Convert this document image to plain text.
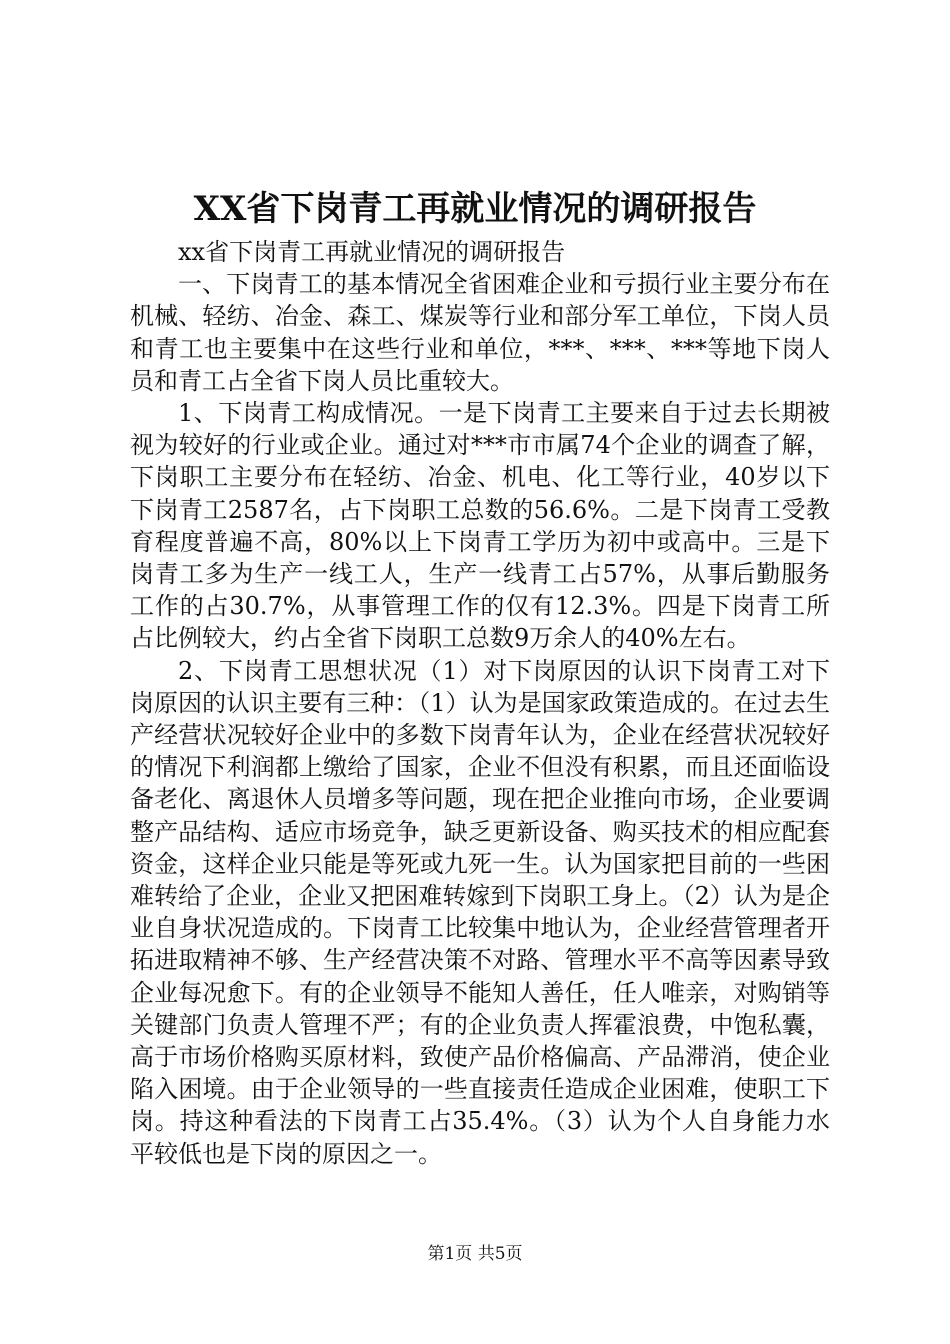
XX省下岗青工再就业情况的调研报告

xx省下岗青工再就业情况的调研报告

一、下岗青工的基本情况全省困难企业和亏损行业主要分布在机械、轻纺、冶金、森工、煤炭等行业和部分军工单位，下岗人员和青工也主要集中在这些行业和单位，***、***、***等地下岗人员和青工占全省下岗人员比重较大。

1、下岗青工构成情况。一是下岗青工主要来自于过去长期被视为较好的行业或企业。通过对***市市属74个企业的调查了解，下岗职工主要分布在轻纺、冶金、机电、化工等行业，40岁以下下岗青工2587名，占下岗职工总数的56.6%。二是下岗青工受教育程度普遍不高，80%以上下岗青工学历为初中或高中。三是下岗青工多为生产一线工人，生产一线青工占57%，从事后勤服务工作的占30.7%，从事管理工作的仅有12.3%。四是下岗青工所占比例较大，约占全省下岗职工总数9万余人的40%左右。

2、下岗青工思想状况（1）对下岗原因的认识下岗青工对下岗原因的认识主要有三种：（1）认为是国家政策造成的。在过去生产经营状况较好企业中的多数下岗青年认为，企业在经营状况较好的情况下利润都上缴给了国家，企业不但没有积累，而且还面临设备老化、离退休人员增多等问题，现在把企业推向市场，企业要调整产品结构、适应市场竞争，缺乏更新设备、购买技术的相应配套资金，这样企业只能是等死或九死一生。认为国家把目前的一些困难转给了企业，企业又把困难转嫁到下岗职工身上。（2）认为是企业自身状况造成的。下岗青工比较集中地认为，企业经营管理者开拓进取精神不够、生产经营决策不对路、管理水平不高等因素导致企业每况愈下。有的企业领导不能知人善任，任人唯亲，对购销等关键部门负责人管理不严；有的企业负责人挥霍浪费，中饱私囊，高于市场价格购买原材料，致使产品价格偏高、产品滞消，使企业陷入困境。由于企业领导的一些直接责任造成企业困难，使职工下岗。持这种看法的下岗青工占35.4%。（3）认为个人自身能力水平较低也是下岗的原因之一。

第1页 共5页
